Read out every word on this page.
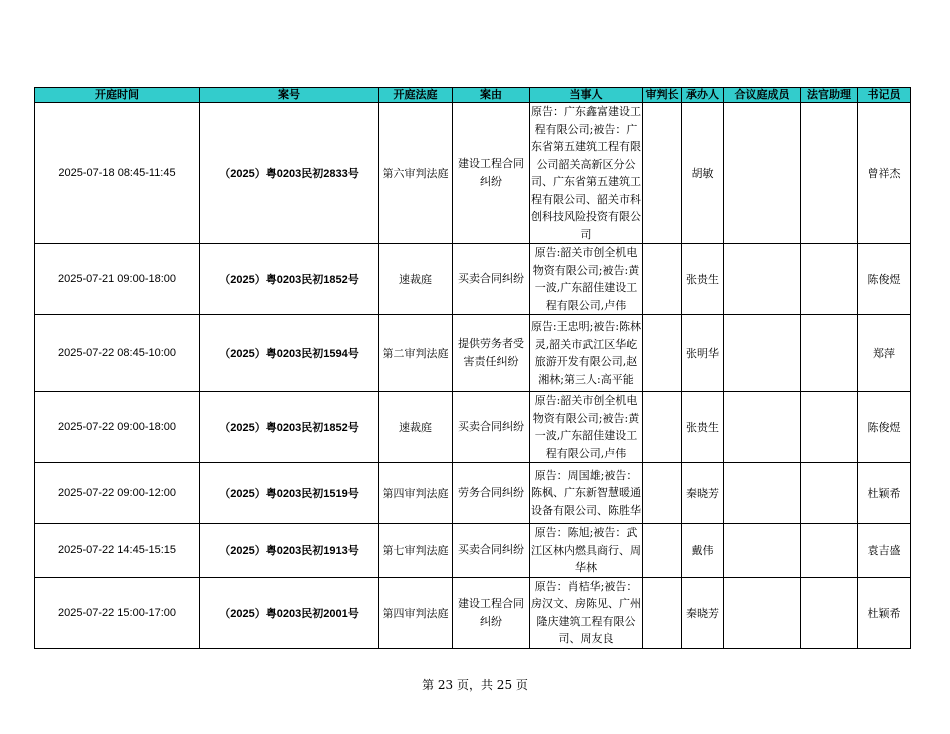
开庭时间	案号	开庭法庭	案由	当事人	审判长	承办人	合议庭成员	法官助理	书记员
2025-07-18 08:45-11:45	（2025）粤0203民初2833号	第六审判法庭	建设工程合同纠纷	原告：广东鑫富建设工程有限公司;被告：广东省第五建筑工程有限公司韶关高新区分公司、广东省第五建筑工程有限公司、韶关市科创科技风险投资有限公司		胡敏			曾祥杰
2025-07-21 09:00-18:00	（2025）粤0203民初1852号	速裁庭	买卖合同纠纷	原告:韶关市创全机电物资有限公司;被告:黄一波,广东韶佳建设工程有限公司,卢伟		张贵生			陈俊煜
2025-07-22 08:45-10:00	（2025）粤0203民初1594号	第二审判法庭	提供劳务者受害责任纠纷	原告:王忠明;被告:陈林灵,韶关市武江区华屹旅游开发有限公司,赵湘林;第三人:高平能		张明华			郑萍
2025-07-22 09:00-18:00	（2025）粤0203民初1852号	速裁庭	买卖合同纠纷	原告:韶关市创全机电物资有限公司;被告:黄一波,广东韶佳建设工程有限公司,卢伟		张贵生			陈俊煜
2025-07-22 09:00-12:00	（2025）粤0203民初1519号	第四审判法庭	劳务合同纠纷	原告：周国雄;被告：陈枫、广东新智慧暖通设备有限公司、陈胜华		秦晓芳			杜颖希
2025-07-22 14:45-15:15	（2025）粤0203民初1913号	第七审判法庭	买卖合同纠纷	原告：陈旭;被告：武江区林内燃具商行、周华林		戴伟			袁吉盛
2025-07-22 15:00-17:00	（2025）粤0203民初2001号	第四审判法庭	建设工程合同纠纷	原告：肖桔华;被告：房汉文、房陈见、广州隆庆建筑工程有限公司、周友良		秦晓芳			杜颖希
第 23 页，共 25 页
